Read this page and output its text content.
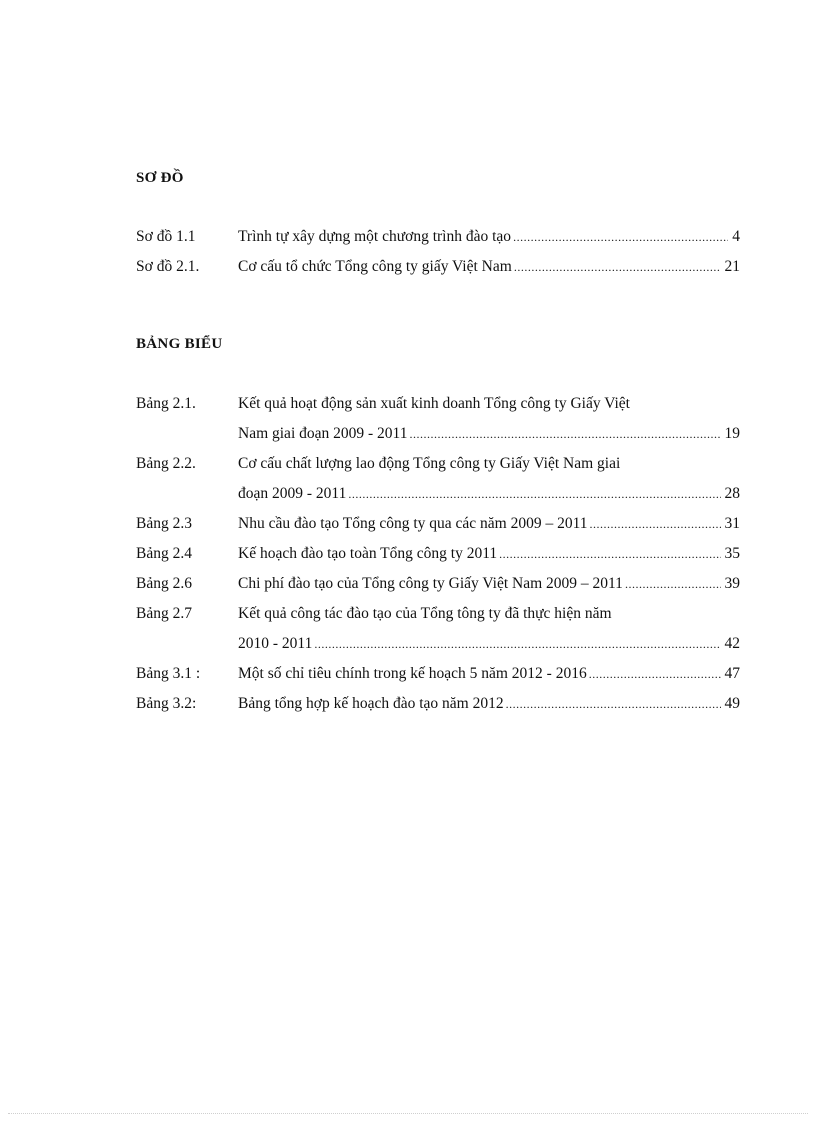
SƠ ĐỒ
Sơ đồ 1.1	Trình tự xây dựng một chương trình đào tạo .....	4
Sơ đồ 2.1. Cơ cấu tổ chức Tổng công ty giấy Việt Nam .....	21
BẢNG BIỂU
Bảng 2.1.	Kết quả hoạt động sản xuất kinh doanh Tổng công ty Giấy Việt
Nam giai đoạn 2009 - 2011 .....	19
Bảng 2.2.	Cơ cấu chất lượng lao động Tổng công ty Giấy Việt Nam giai
đoạn 2009 - 2011 .....	28
Bảng 2.3	Nhu cầu đào tạo Tổng công ty qua các năm 2009 – 2011 .....	31
Bảng 2.4	Kế hoạch đào tạo toàn Tổng công ty 2011 .....	35
Bảng 2.6	Chi phí đào tạo của Tổng công ty Giấy Việt Nam 2009 – 2011 .....	39
Bảng 2.7	Kết quả công tác đào tạo của Tổng tông ty đã thực hiện năm
2010 - 2011 .....	42
Bảng 3.1 : Một số chỉ tiêu chính trong kế hoạch 5 năm 2012 - 2016 .....	47
Bảng 3.2:	Bảng tổng hợp kế hoạch đào tạo năm 2012 .....	49
